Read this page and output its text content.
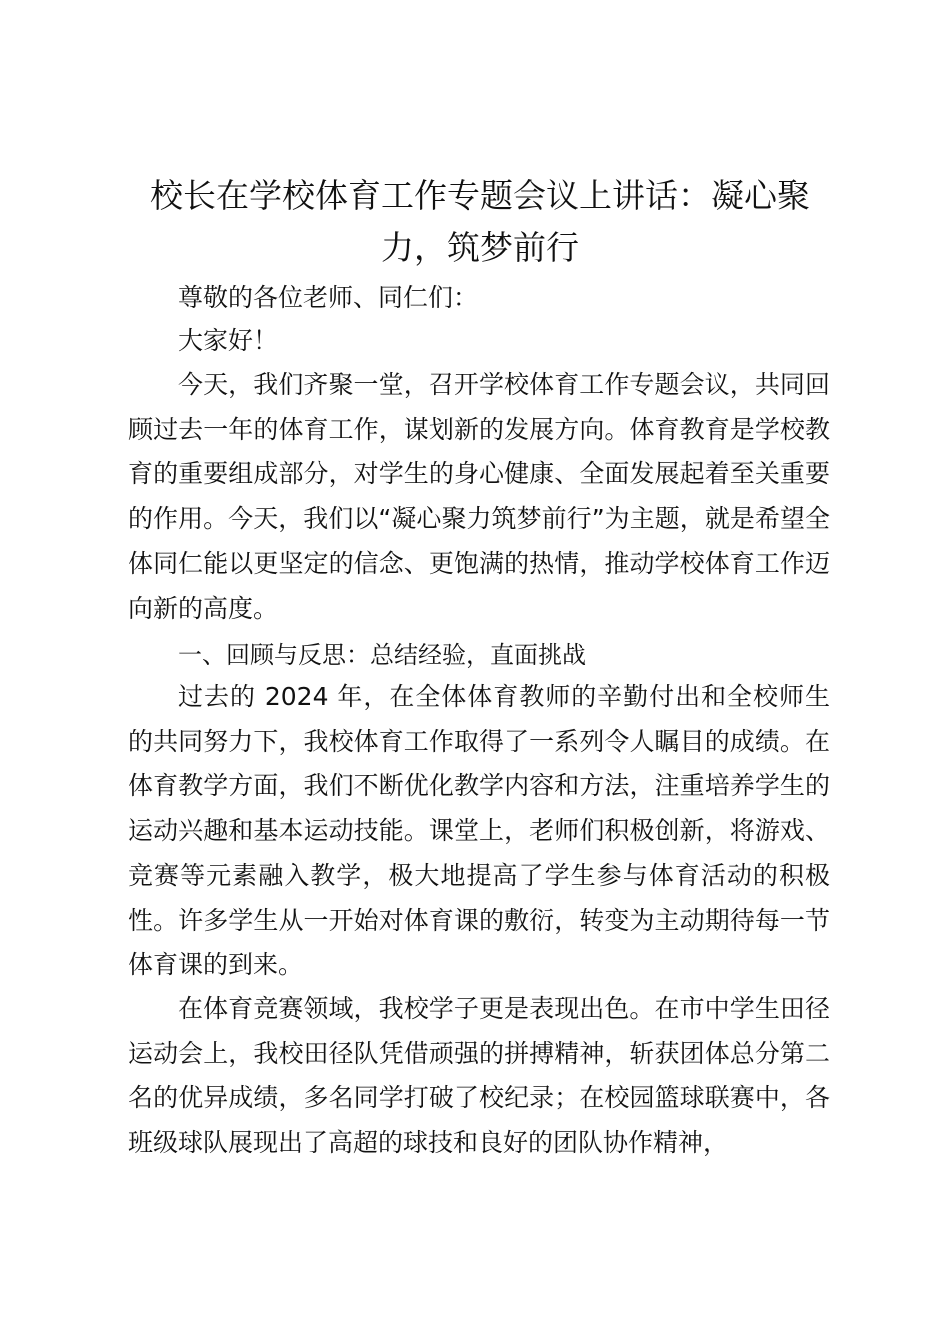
校长在学校体育工作专题会议上讲话：凝心聚力，筑梦前行

尊敬的各位老师、同仁们：

大家好！

今天，我们齐聚一堂，召开学校体育工作专题会议，共同回顾过去一年的体育工作，谋划新的发展方向。体育教育是学校教育的重要组成部分，对学生的身心健康、全面发展起着至关重要的作用。今天，我们以“凝心聚力筑梦前行”为主题，就是希望全体同仁能以更坚定的信念、更饱满的热情，推动学校体育工作迈向新的高度。

一、回顾与反思：总结经验，直面挑战

过去的 2024 年，在全体体育教师的辛勤付出和全校师生的共同努力下，我校体育工作取得了一系列令人瞩目的成绩。在体育教学方面，我们不断优化教学内容和方法，注重培养学生的运动兴趣和基本运动技能。课堂上，老师们积极创新，将游戏、竞赛等元素融入教学，极大地提高了学生参与体育活动的积极性。许多学生从一开始对体育课的敷衍，转变为主动期待每一节体育课的到来。

在体育竞赛领域，我校学子更是表现出色。在市中学生田径运动会上，我校田径队凭借顽强的拼搏精神，斩获团体总分第二名的优异成绩，多名同学打破了校纪录；在校园篮球联赛中，各班级球队展现出了高超的球技和良好的团队协作精神，
